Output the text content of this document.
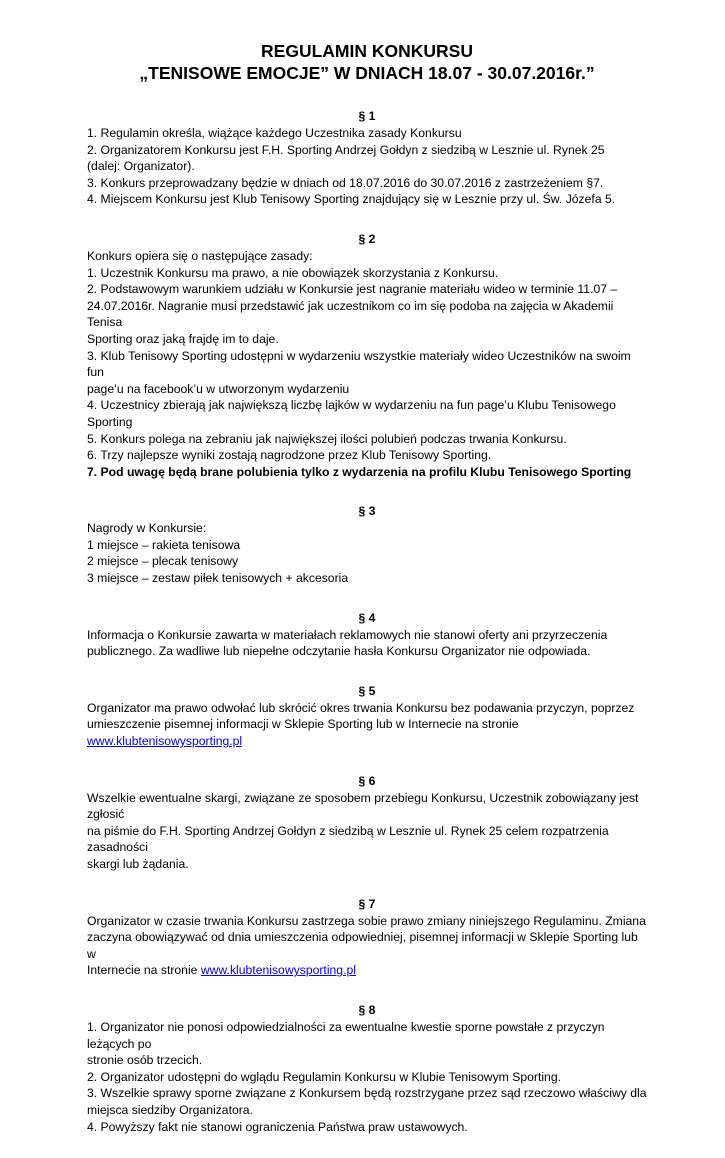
REGULAMIN KONKURSU

„TENISOWE EMOCJE” W DNIACH 18.07 - 30.07.2016r.”

§ 1

1. Regulamin określa, wiążące każdego Uczestnika zasady Konkursu

2. Organizatorem Konkursu jest F.H. Sporting Andrzej Gołdyn z siedzibą w Lesznie ul. Rynek 25

(dalej: Organizator).

3. Konkurs przeprowadzany będzie w dniach od 18.07.2016 do 30.07.2016 z zastrzeżeniem §7.

4. Miejscem Konkursu jest Klub Tenisowy Sporting znajdujący się w Lesznie przy ul. Św. Józefa 5.

§ 2

Konkurs opiera się o następujące zasady:

1. Uczestnik Konkursu ma prawo, a nie obowiązek skorzystania z Konkursu.

2. Podstawowym warunkiem udziału w Konkursie jest nagranie materiału wideo w terminie 11.07 –

24.07.2016r. Nagranie musi przedstawić jak uczestnikom co im się podoba na zajęcia w Akademii Tenisa

Sporting oraz jaką frajdę im to daje.

3. Klub Tenisowy Sporting udostępni w wydarzeniu wszystkie materiały wideo Uczestników na swoim fun

page’u na facebook’u w utworzonym wydarzeniu

4. Uczestnicy zbierają jak największą liczbę lajków w wydarzeniu na fun page’u Klubu Tenisowego Sporting

5. Konkurs polega na zebraniu jak największej ilości polubień podczas trwania Konkursu.

6. Trzy najlepsze wyniki zostają nagrodzone przez Klub Tenisowy Sporting.

7. Pod uwagę będą brane polubienia tylko z wydarzenia na profilu Klubu Tenisowego Sporting

§ 3

Nagrody w Konkursie:

1 miejsce – rakieta tenisowa

2 miejsce – plecak tenisowy

3 miejsce – zestaw piłek tenisowych + akcesoria

§ 4

Informacja o Konkursie zawarta w materiałach reklamowych nie stanowi oferty ani przyrzeczenia

publicznego. Za wadliwe lub niepełne odczytanie hasła Konkursu Organizator nie odpowiada.

§ 5

Organizator ma prawo odwołać lub skrócić okres trwania Konkursu bez podawania przyczyn, poprzez

umieszczenie pisemnej informacji w Sklepie Sporting lub w Internecie na stronie

www.klubtenisowysporting.pl

§ 6

Wszelkie ewentualne skargi, związane ze sposobem przebiegu Konkursu, Uczestnik zobowiązany jest zgłosić

na piśmie do F.H. Sporting Andrzej Gołdyn z siedzibą w Lesznie ul. Rynek 25 celem rozpatrzenia zasadności

skargi lub żądania.

§ 7

Organizator w czasie trwania Konkursu zastrzega sobie prawo zmiany niniejszego Regulaminu. Zmiana

zaczyna obowiązywać od dnia umieszczenia odpowiedniej, pisemnej informacji w Sklepie Sporting lub w

Internecie na stronie www.klubtenisowysporting.pl

§ 8

1. Organizator nie ponosi odpowiedzialności za ewentualne kwestie sporne powstałe z przyczyn leżących po

stronie osób trzecich.

2. Organizator udostępni do wglądu Regulamin Konkursu w Klubie Tenisowym Sporting.

3. Wszelkie sprawy sporne związane z Konkursem będą rozstrzygane przez sąd rzeczowo właściwy dla

miejsca siedziby Organizatora.

4. Powyższy fakt nie stanowi ograniczenia Państwa praw ustawowych.
